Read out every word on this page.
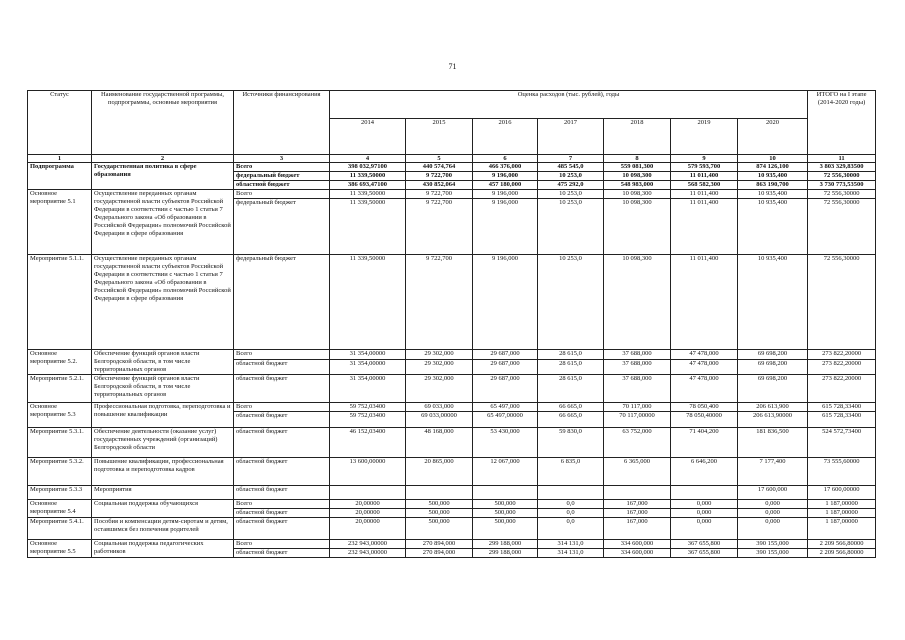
71
Статус	Наименование государственной программы, подпрограммы, основные мероприятия	Источники финансирования	Оценка расходов (тыс. рублей), годы							ИТОГО на I этапе (2014-2020 годы)
			2014	2015	2016	2017	2018	2019	2020	
1	2	3	4	5	6	7	8	9	10	11
Подпрограмма	Государственная политика в сфере образования	Всего	398 032,97100	440 574,764	466 376,000	485 545,0	559 081,300	579 593,700	874 126,100	3 803 329,83500
		федеральный бюджет	11 339,50000	9 722,700	9 196,000	10 253,0	10 098,300	11 011,400	10 935,400	72 556,30000
		областной бюджет	386 693,47100	430 852,064	457 180,000	475 292,0	548 983,000	568 582,300	863 190,700	3 730 773,53500
Основное мероприятие 5.1	Осуществление переданных органам государственной власти субъектов Российской Федерации в соответствии с частью 1 статьи 7 Федерального закона «Об образовании в Российской Федерации» полномочий Российской Федерации в сфере образования	Всего	11 339,50000	9 722,700	9 196,000	10 253,0	10 098,300	11 011,400	10 935,400	72 556,30000
		федеральный бюджет	11 339,50000	9 722,700	9 196,000	10 253,0	10 098,300	11 011,400	10 935,400	72 556,30000
Мероприятие 5.1.1.	Осуществление переданных органам государственной власти субъектов Российской Федерации в соответствии с частью 1 статьи 7 Федерального закона «Об образовании в Российской Федерации» полномочий Российской Федерации в сфере образования	федеральный бюджет	11 339,50000	9 722,700	9 196,000	10 253,0	10 098,300	11 011,400	10 935,400	72 556,30000
Основное мероприятие 5.2.	Обеспечение функций органов власти Белгородской области, в том числе территориальных органов	Всего	31 354,00000	29 302,000	29 687,000	28 615,0	37 688,000	47 478,000	69 698,200	273 822,20000
		областной бюджет	31 354,00000	29 302,000	29 687,000	28 615,0	37 688,000	47 478,000	69 698,200	273 822,20000
Мероприятие 5.2.1.	Обеспечение функций органов власти Белгородской области, в том числе территориальных органов	областной бюджет	31 354,00000	29 302,000	29 687,000	28 615,0	37 688,000	47 478,000	69 698,200	273 822,20000
Основное мероприятие 5.3	Профессиональная подготовка, переподготовка и повышение квалификации	Всего	59 752,03400	69 033,000	65 497,000	66 665,0	70 117,000	78 050,400	206 613,900	615 728,33400
		областной бюджет	59 752,03400	69 033,00000	65 497,00000	66 665,0	70 117,00000	78 050,40000	206 613,90000	615 728,33400
Мероприятие 5.3.1.	Обеспечение деятельности (оказание услуг) государственных учреждений (организаций) Белгородской области	областной бюджет	46 152,03400	48 168,000	53 430,000	59 830,0	63 752,000	71 404,200	181 836,500	524 572,73400
Мероприятие 5.3.2.	Повышение квалификации, профессиональная подготовка и переподготовка кадров	областной бюджет	13 600,00000	20 865,000	12 067,000	6 835,0	6 365,000	6 646,200	7 177,400	73 555,60000
Мероприятие 5.3.3	Мероприятия	областной бюджет							17 600,000	17 600,00000
Основное мероприятие 5.4	Социальная поддержка обучающихся	Всего	20,00000	500,000	500,000	0,0	167,000	0,000	0,000	1 187,00000
		областной бюджет	20,00000	500,000	500,000	0,0	167,000	0,000	0,000	1 187,00000
Мероприятие 5.4.1.	Пособия и компенсации детям-сиротам и детям, оставшимся без попечения родителей	областной бюджет	20,00000	500,000	500,000	0,0	167,000	0,000	0,000	1 187,00000
Основное мероприятие 5.5	Социальная поддержка педагогических работников	Всего	232 943,00000	270 894,000	299 188,000	314 131,0	334 600,000	367 655,800	390 155,000	2 209 566,80000
		областной бюджет	232 943,00000	270 894,000	299 188,000	314 131,0	334 600,000	367 655,800	390 155,000	2 209 566,80000
